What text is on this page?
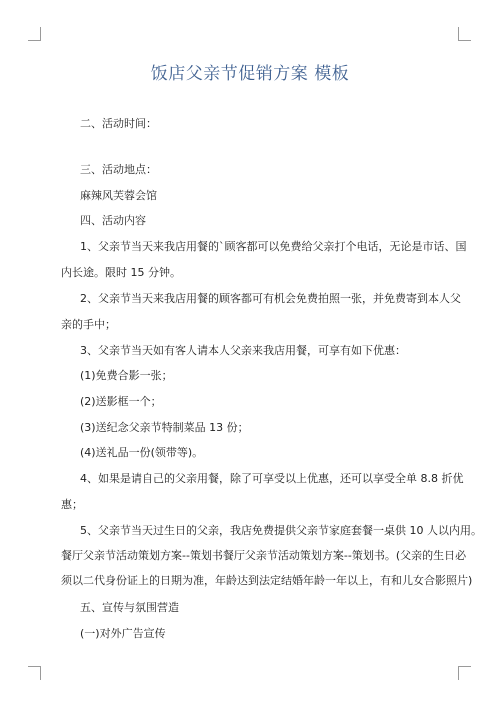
饭店父亲节促销方案 模板
二、活动时间：
三、活动地点：
麻辣风芙蓉会馆
四、活动内容
1、父亲节当天来我店用餐的`顾客都可以免费给父亲打个电话，无论是市话、国
内长途。限时 15 分钟。
2、父亲节当天来我店用餐的顾客都可有机会免费拍照一张，并免费寄到本人父
亲的手中；
3、父亲节当天如有客人请本人父亲来我店用餐，可享有如下优惠：
(1)免费合影一张；
(2)送影框一个；
(3)送纪念父亲节特制菜品 13 份；
(4)送礼品一份(领带等)。
4、如果是请自己的父亲用餐，除了可享受以上优惠，还可以享受全单 8.8 折优
惠；
5、父亲节当天过生日的父亲，我店免费提供父亲节家庭套餐一桌供 10 人以内用。
餐厅父亲节活动策划方案--策划书餐厅父亲节活动策划方案--策划书。(父亲的生日必
须以二代身份证上的日期为准，年龄达到法定结婚年龄一年以上，有和儿女合影照片)
五、宣传与氛围营造
(一)对外广告宣传
